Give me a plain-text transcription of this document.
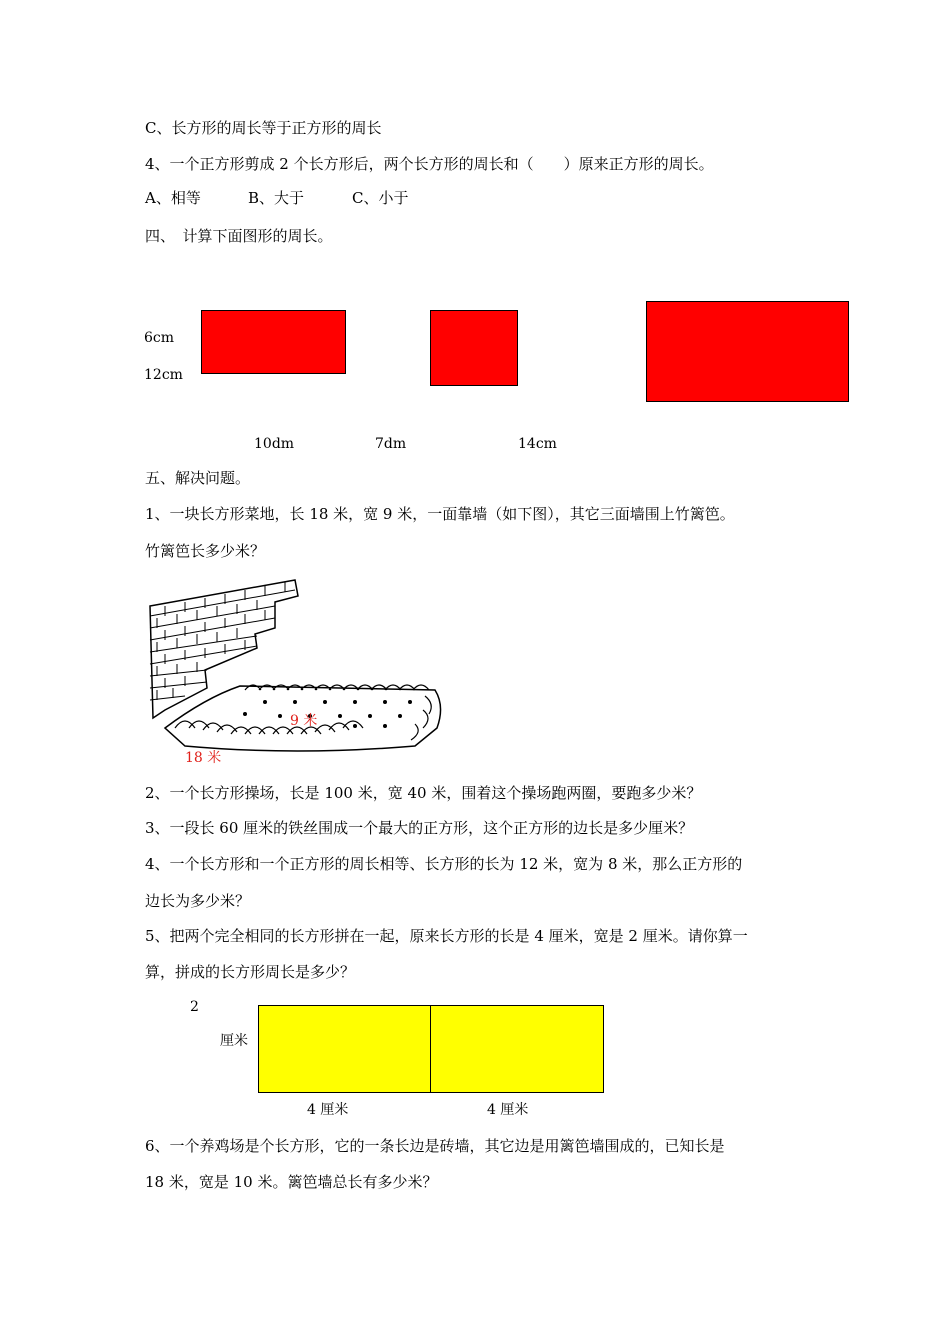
C、长方形的周长等于正方形的周长
4、一个正方形剪成 2 个长方形后，两个长方形的周长和（　　）原来正方形的周长。
A、相等	B、大于	C、小于
四、　计算下面图形的周长。
6cm
12cm
10dm	7dm	14cm
五、解决问题。
1、一块长方形菜地，长 18 米，宽 9 米，一面靠墙（如下图），其它三面墙围上竹篱笆。
竹篱笆长多少米？
9 米
18 米
2、一个长方形操场，长是 100 米，宽 40 米，围着这个操场跑两圈，要跑多少米？
3、一段长 60 厘米的铁丝围成一个最大的正方形，这个正方形的边长是多少厘米？
4、一个长方形和一个正方形的周长相等、长方形的长为 12 米，宽为 8 米，那么正方形的
边长为多少米？
5、把两个完全相同的长方形拼在一起，原来长方形的长是 4 厘米，宽是 2 厘米。请你算一
算，拼成的长方形周长是多少？
2
厘米
4 厘米	4 厘米
6、一个养鸡场是个长方形，它的一条长边是砖墙，其它边是用篱笆墙围成的，已知长是
18 米，宽是 10 米。篱笆墙总长有多少米？
